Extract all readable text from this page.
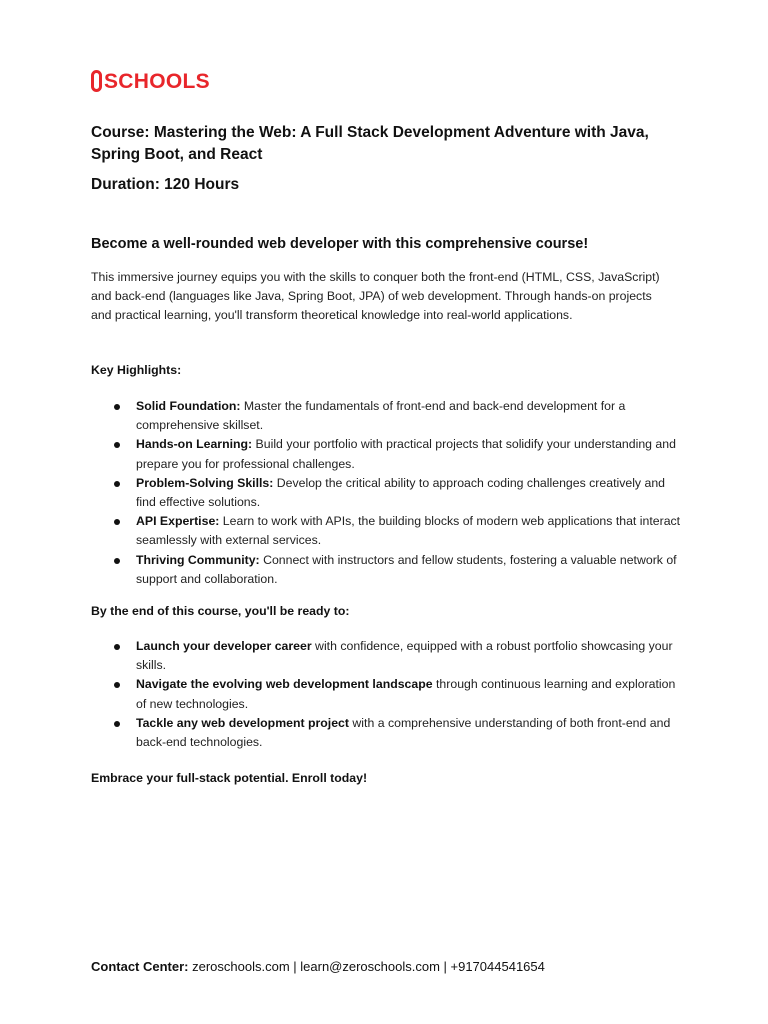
SCHOOLS
Course: Mastering the Web: A Full Stack Development Adventure with Java, Spring Boot, and React
Duration: 120 Hours
Become a well-rounded web developer with this comprehensive course!

This immersive journey equips you with the skills to conquer both the front-end (HTML, CSS, JavaScript) and back-end (languages like Java, Spring Boot, JPA) of web development. Through hands-on projects and practical learning, you'll transform theoretical knowledge into real-world applications.

Key Highlights:

Solid Foundation: Master the fundamentals of front-end and back-end development for a comprehensive skillset.
Hands-on Learning: Build your portfolio with practical projects that solidify your understanding and prepare you for professional challenges.
Problem-Solving Skills: Develop the critical ability to approach coding challenges creatively and find effective solutions.
API Expertise: Learn to work with APIs, the building blocks of modern web applications that interact seamlessly with external services.
Thriving Community: Connect with instructors and fellow students, fostering a valuable network of support and collaboration.

By the end of this course, you'll be ready to:

Launch your developer career with confidence, equipped with a robust portfolio showcasing your skills.
Navigate the evolving web development landscape through continuous learning and exploration of new technologies.
Tackle any web development project with a comprehensive understanding of both front-end and back-end technologies.

Embrace your full-stack potential. Enroll today!

Contact Center: zeroschools.com | learn@zeroschools.com | +917044541654
